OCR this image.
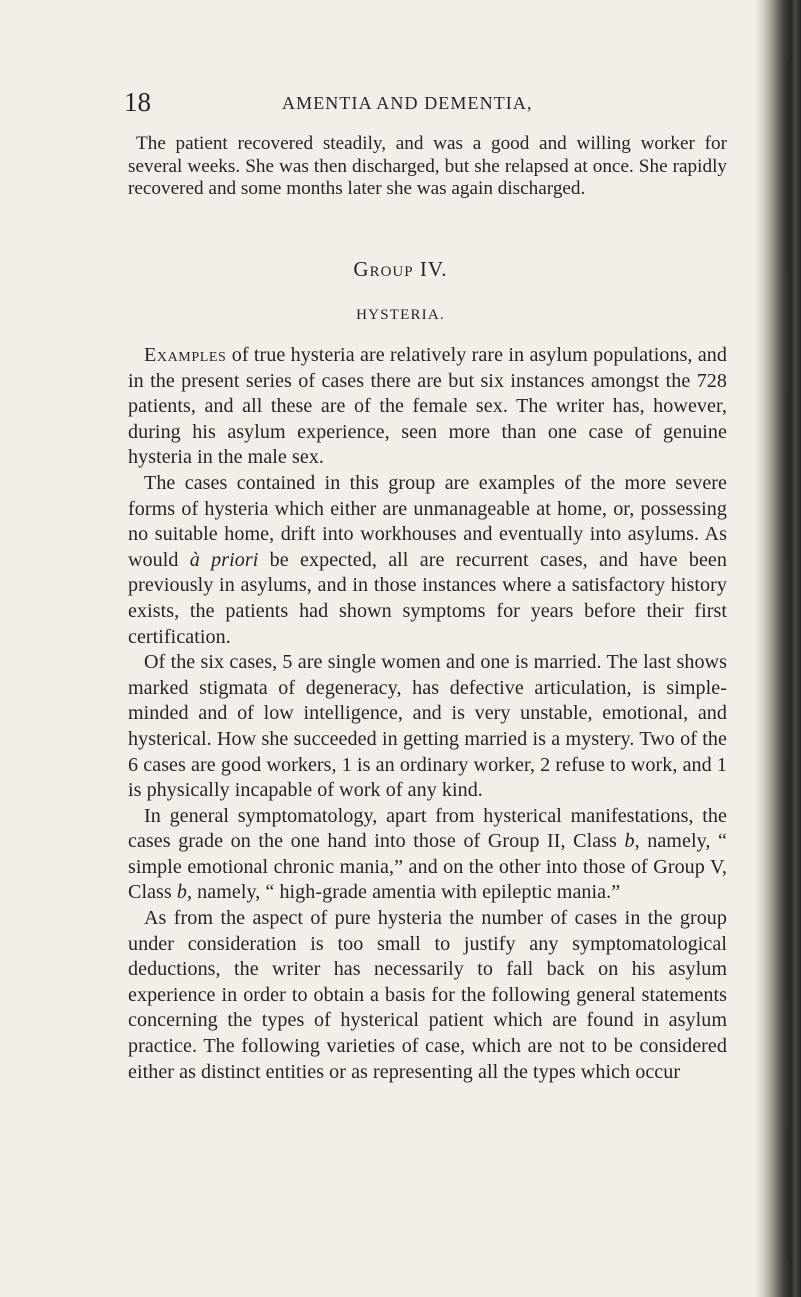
18	AMENTIA AND DEMENTIA,
The patient recovered steadily, and was a good and willing worker for several weeks. She was then discharged, but she relapsed at once. She rapidly recovered and some months later she was again discharged.
Group IV.
HYSTERIA.

Examples of true hysteria are relatively rare in asylum populations, and in the present series of cases there are but six instances amongst the 728 patients, and all these are of the female sex. The writer has, however, during his asylum experience, seen more than one case of genuine hysteria in the male sex.

The cases contained in this group are examples of the more severe forms of hysteria which either are unmanageable at home, or, possessing no suitable home, drift into workhouses and eventually into asylums. As would à priori be expected, all are recurrent cases, and have been previously in asylums, and in those instances where a satisfactory history exists, the patients had shown symptoms for years before their first certification.

Of the six cases, 5 are single women and one is married. The last shows marked stigmata of degeneracy, has defective articulation, is simple-minded and of low intelligence, and is very unstable, emotional, and hysterical. How she succeeded in getting married is a mystery. Two of the 6 cases are good workers, 1 is an ordinary worker, 2 refuse to work, and 1 is physically incapable of work of any kind.

In general symptomatology, apart from hysterical manifestations, the cases grade on the one hand into those of Group II, Class b, namely, “ simple emotional chronic mania,” and on the other into those of Group V, Class b, namely, “ high-grade amentia with epileptic mania.”

As from the aspect of pure hysteria the number of cases in the group under consideration is too small to justify any symptomatological deductions, the writer has necessarily to fall back on his asylum experience in order to obtain a basis for the following general statements concerning the types of hysterical patient which are found in asylum practice. The following varieties of case, which are not to be considered either as distinct entities or as representing all the types which occur
